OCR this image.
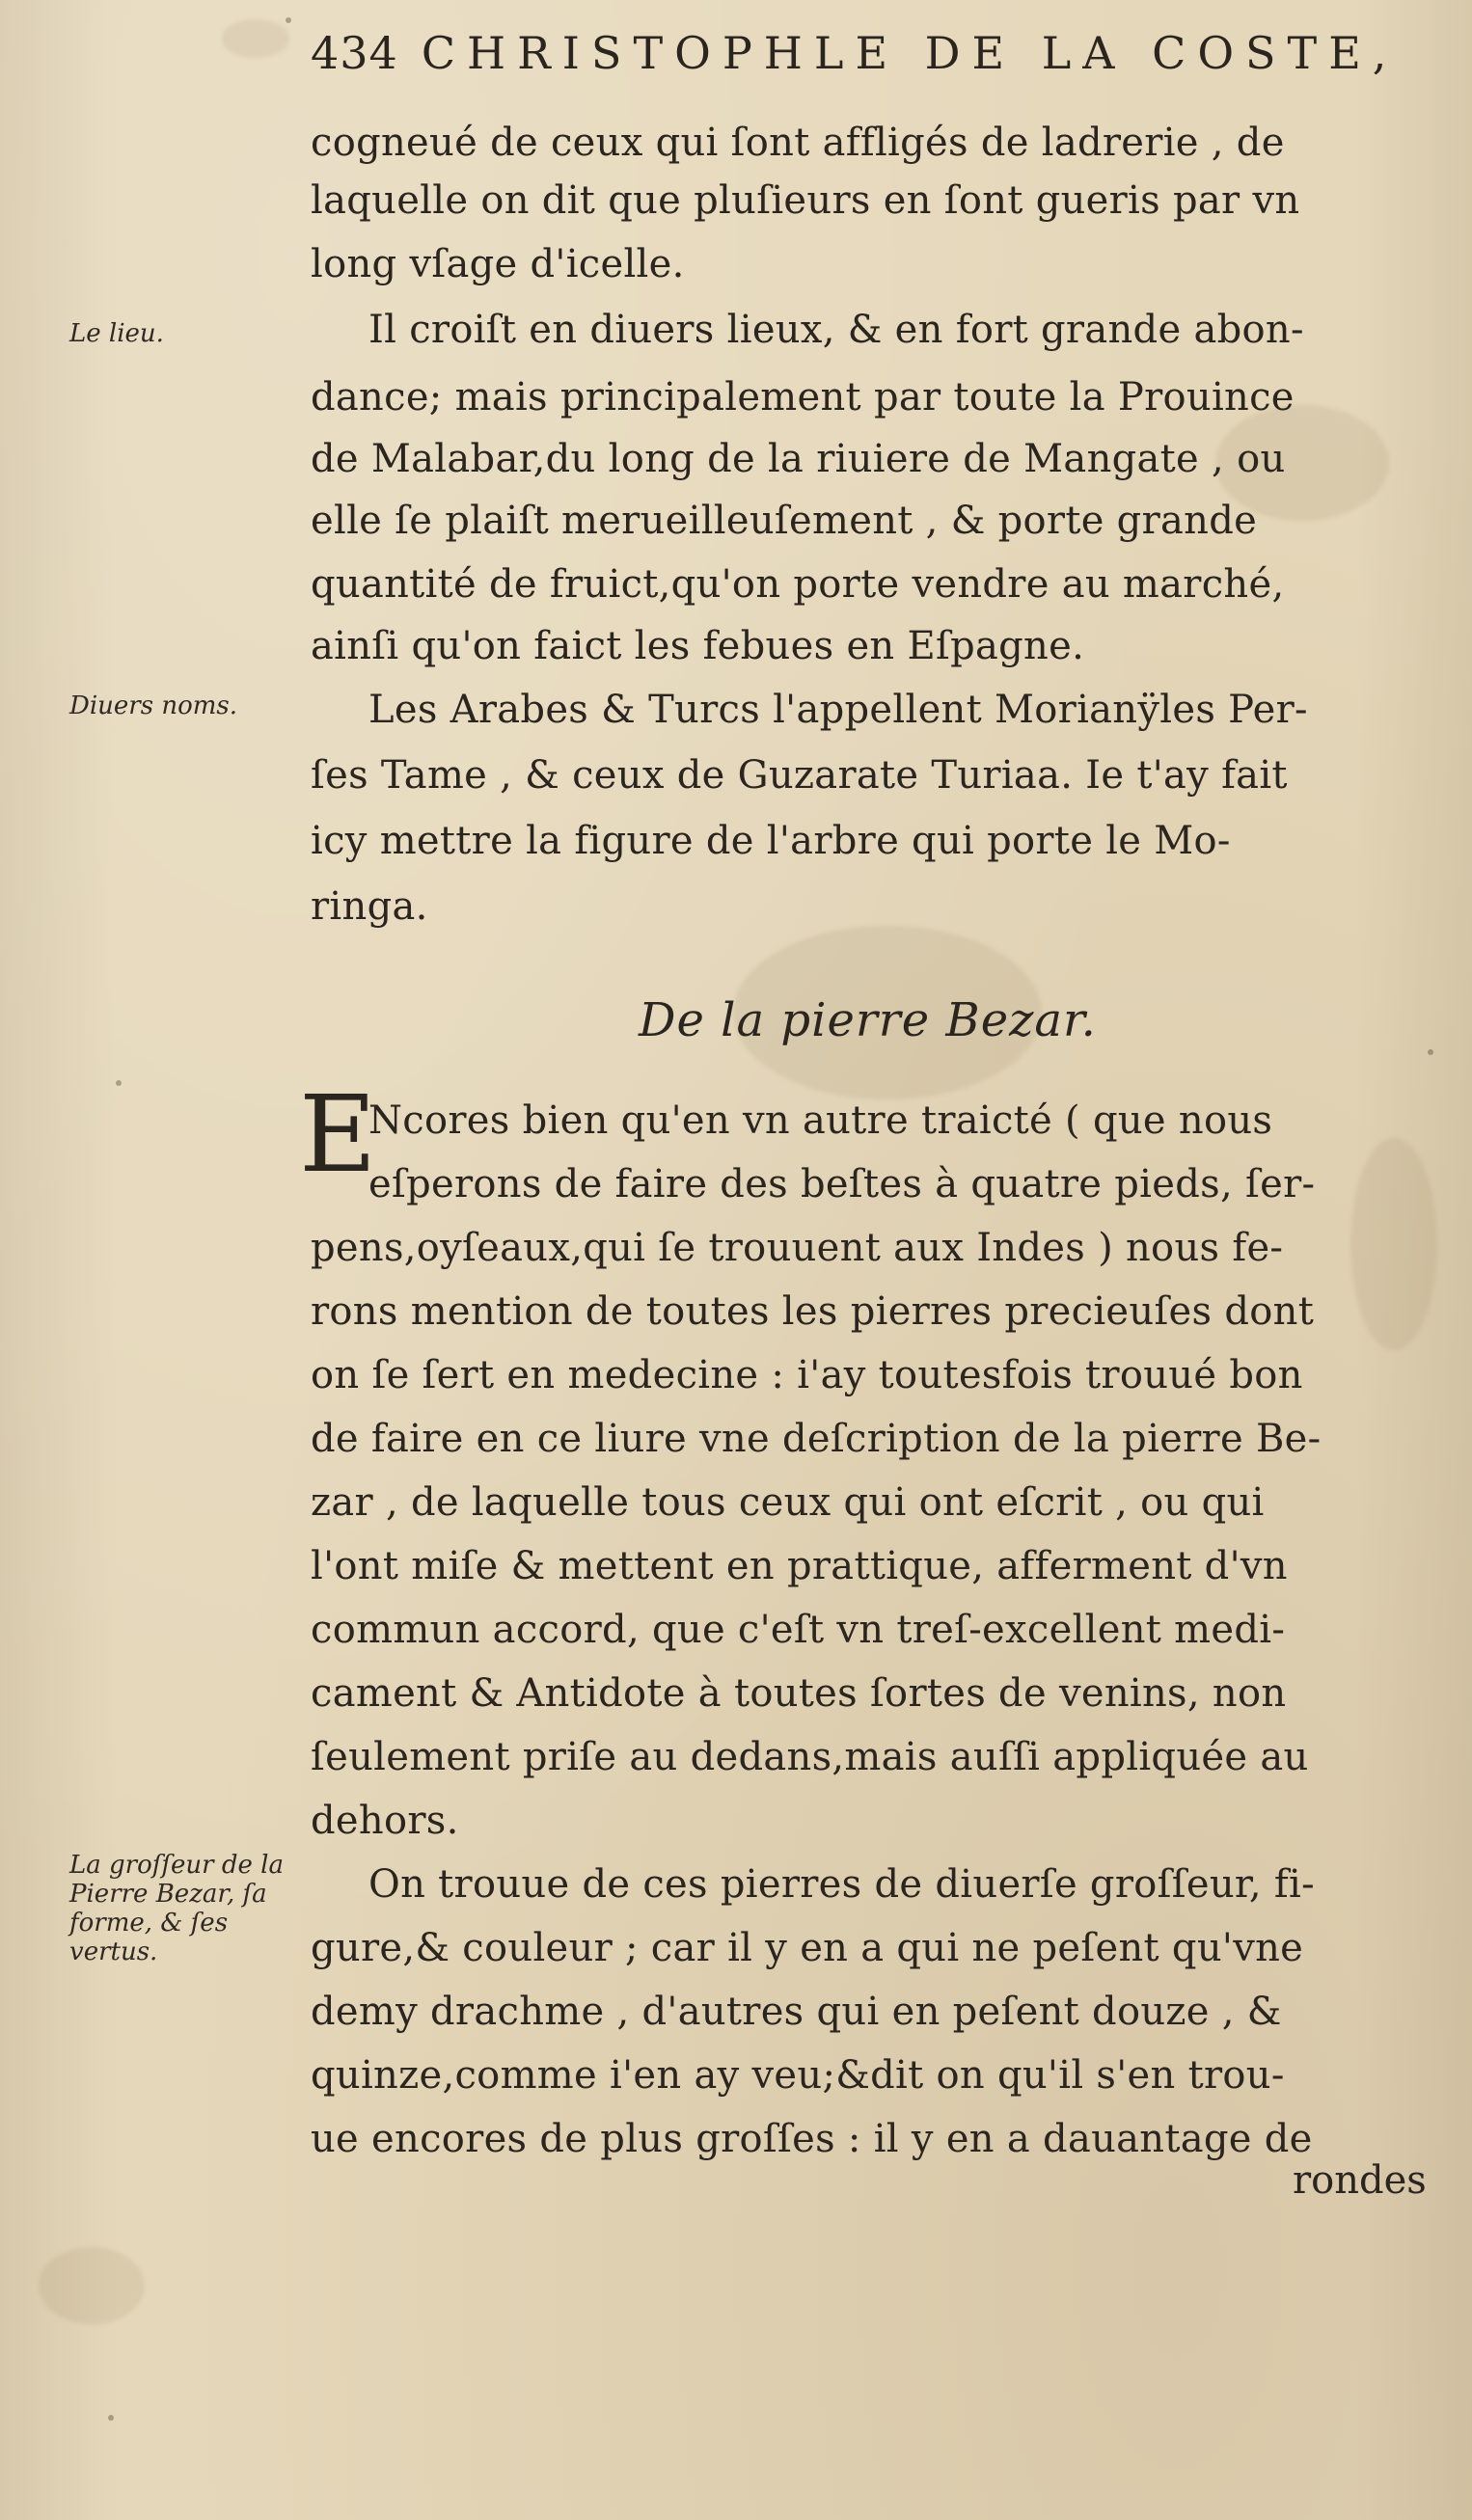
434 CHRISTOPHLE DE LA COSTE,
Le lieu.
Diuers noms.
La groſſeur de la Pierre Bezar, ſa forme, & ſes vertus.
cogneué de ceux qui ſont affligés de ladrerie , de
laquelle on dit que pluſieurs en ſont gueris par vn
long vſage d'icelle.
Il croiſt en diuers lieux, & en fort grande abon-
dance; mais principalement par toute la Prouince
de Malabar,du long de la riuiere de Mangate , ou
elle ſe plaiſt merueilleuſement , & porte grande
quantité de fruict,qu'on porte vendre au marché,
ainſi qu'on faict les febues en Eſpagne.
Les Arabes & Turcs l'appellent Morianÿles Per-
ſes Tame , & ceux de Guzarate Turiaa. Ie t'ay fait
icy mettre la figure de l'arbre qui porte le Mo-
ringa.
De la pierre Bezar.
E
Ncores bien qu'en vn autre traicté ( que nous
eſperons de faire des beſtes à quatre pieds, ſer-
pens,oyſeaux,qui ſe trouuent aux Indes ) nous fe-
rons mention de toutes les pierres precieuſes dont
on ſe ſert en medecine : i'ay toutesfois trouué bon
de faire en ce liure vne deſcription de la pierre Be-
zar , de laquelle tous ceux qui ont eſcrit , ou qui
l'ont miſe & mettent en prattique, afferment d'vn
commun accord, que c'eſt vn treſ-excellent medi-
cament & Antidote à toutes ſortes de venins, non
ſeulement priſe au dedans,mais auſſi appliquée au
dehors.
On trouue de ces pierres de diuerſe groſſeur, fi-
gure,& couleur ; car il y en a qui ne peſent qu'vne
demy drachme , d'autres qui en peſent douze , &
quinze,comme i'en ay veu;&dit on qu'il s'en trou-
ue encores de plus groſſes : il y en a dauantage de
rondes
